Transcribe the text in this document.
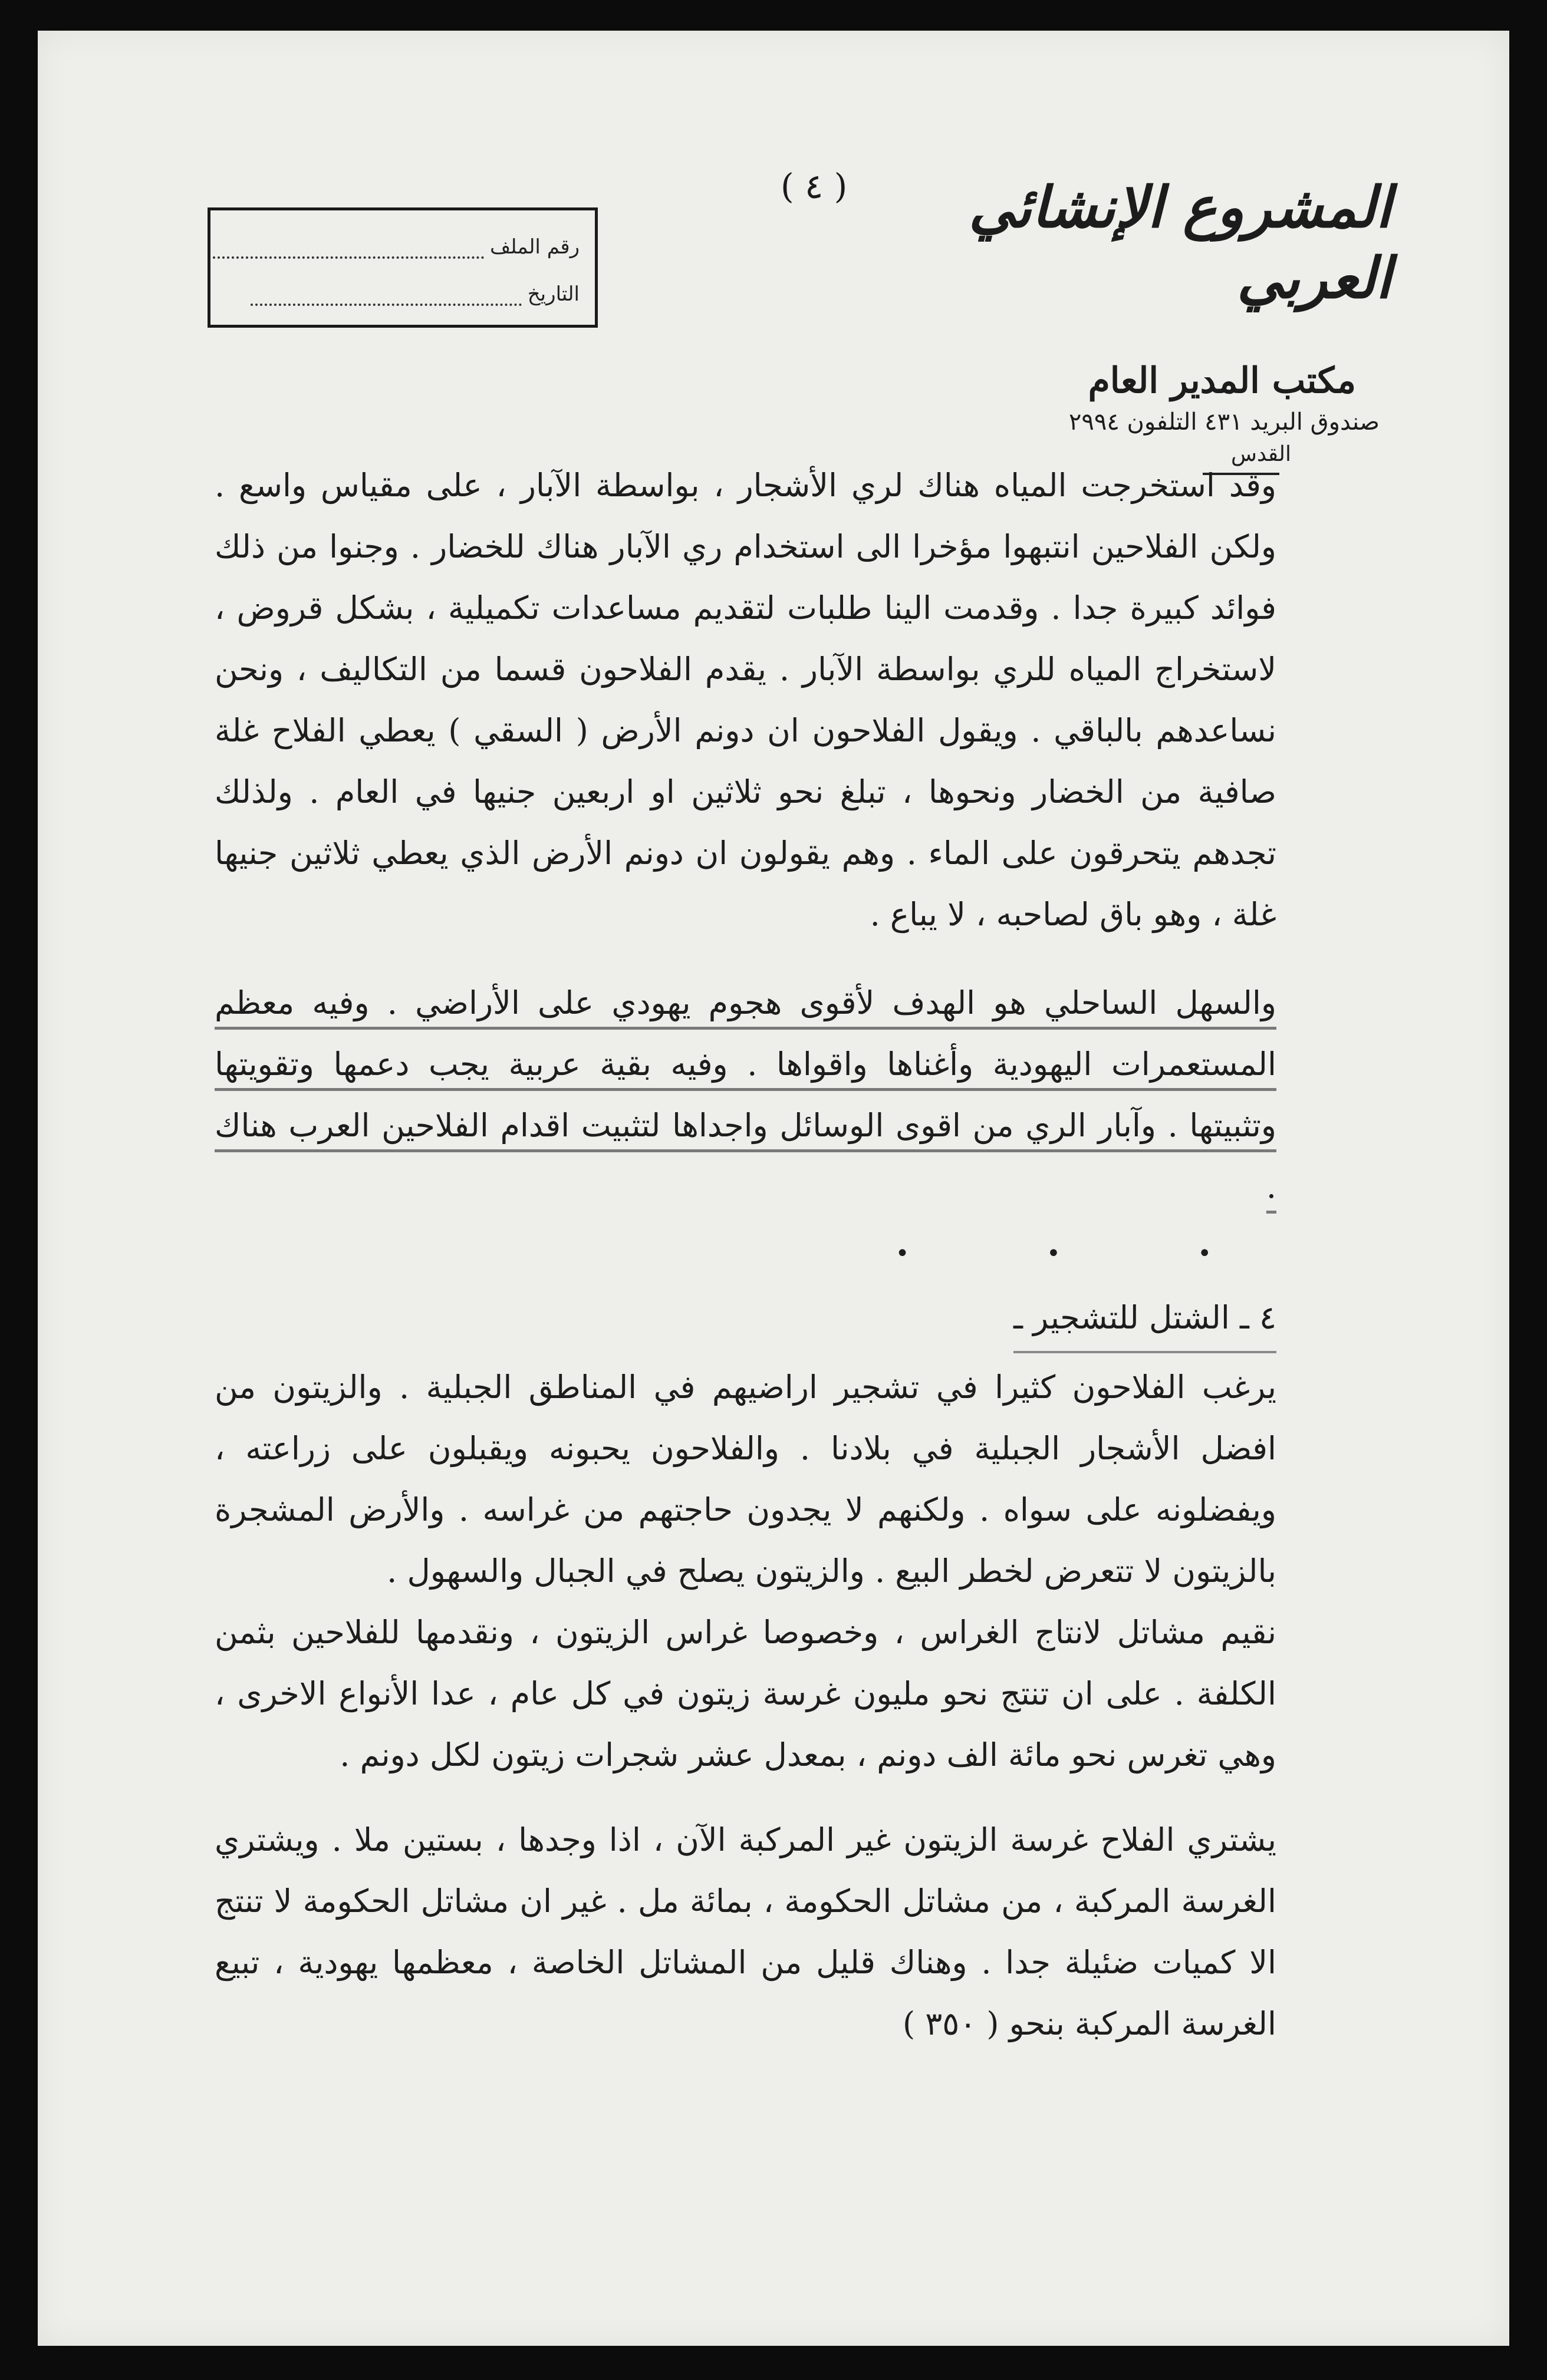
المشروع الإنشائي العربي
مكتب المدير العام
صندوق البريد ٤٣١ التلفون ٢٩٩٤
القدس
( ٤ )
رقم الملف
التاريخ

وقد استخرجت المياه هناك لري الأشجار ، بواسطة الآبار ، على مقياس واسع . ولكن الفلاحين انتبهوا مؤخرا الى استخدام ري الآبار هناك للخضار . وجنوا من ذلك فوائد كبيرة جدا . وقدمت الينا طلبات لتقديم مساعدات تكميلية ، بشكل قروض ، لاستخراج المياه للري بواسطة الآبار . يقدم الفلاحون قسما من التكاليف ، ونحن نساعدهم بالباقي . ويقول الفلاحون ان دونم الأرض ( السقي ) يعطي الفلاح غلة صافية من الخضار ونحوها ، تبلغ نحو ثلاثين او اربعين جنيها في العام . ولذلك تجدهم يتحرقون على الماء . وهم يقولون ان دونم الأرض الذي يعطي ثلاثين جنيها غلة ، وهو باق لصاحبه ، لا يباع .

والسهل الساحلي هو الهدف لأقوى هجوم يهودي على الأراضي . وفيه معظم المستعمرات اليهودية وأغناها واقواها . وفيه بقية عربية يجب دعمها وتقويتها وتثبيتها . وآبار الري من اقوى الوسائل واجداها لتثبيت اقدام الفلاحين العرب هناك .

• • •
٤ ـ الشتل للتشجير ـ

يرغب الفلاحون كثيرا في تشجير اراضيهم في المناطق الجبلية . والزيتون من افضل الأشجار الجبلية في بلادنا . والفلاحون يحبونه ويقبلون على زراعته ، ويفضلونه على سواه . ولكنهم لا يجدون حاجتهم من غراسه . والأرض المشجرة بالزيتون لا تتعرض لخطر البيع . والزيتون يصلح في الجبال والسهول .

نقيم مشاتل لانتاج الغراس ، وخصوصا غراس الزيتون ، ونقدمها للفلاحين بثمن الكلفة . على ان تنتج نحو مليون غرسة زيتون في كل عام ، عدا الأنواع الاخرى ، وهي تغرس نحو مائة الف دونم ، بمعدل عشر شجرات زيتون لكل دونم .

يشتري الفلاح غرسة الزيتون غير المركبة الآن ، اذا وجدها ، بستين ملا . ويشتري الغرسة المركبة ، من مشاتل الحكومة ، بمائة مل . غير ان مشاتل الحكومة لا تنتج الا كميات ضئيلة جدا . وهناك قليل من المشاتل الخاصة ، معظمها يهودية ، تبيع الغرسة المركبة بنحو ( ٣٥٠ )
